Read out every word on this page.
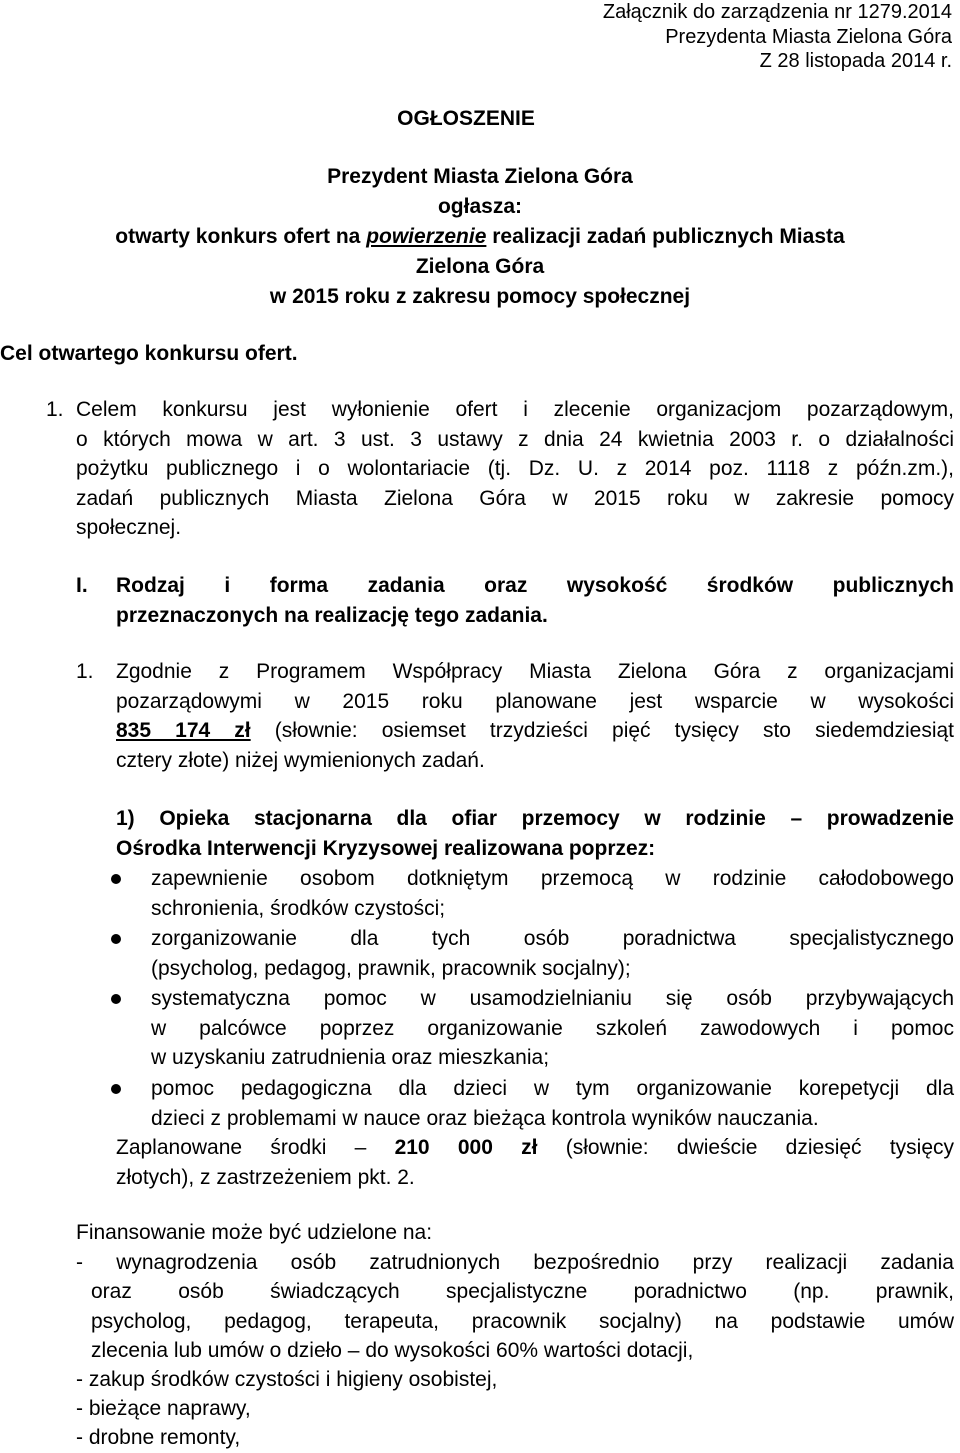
Załącznik do zarządzenia nr 1279.2014
Prezydenta Miasta Zielona Góra
Z 28 listopada 2014 r.
OGŁOSZENIE
Prezydent Miasta Zielona Góra
ogłasza:
otwarty konkurs ofert na powierzenie realizacji zadań publicznych Miasta
Zielona Góra
w 2015 roku z zakresu pomocy społecznej
Cel otwartego konkursu ofert.
1. Celem konkursu jest wyłonienie ofert i zlecenie organizacjom pozarządowym,
o których mowa w art. 3 ust. 3 ustawy z dnia 24 kwietnia 2003 r. o działalności
pożytku publicznego i o wolontariacie (tj. Dz. U. z 2014 poz. 1118 z późn.zm.),
zadań publicznych Miasta Zielona Góra w 2015 roku w zakresie pomocy
społecznej.
I. Rodzaj i forma zadania oraz wysokość środków publicznych
przeznaczonych na realizację tego zadania.
1. Zgodnie z Programem Współpracy Miasta Zielona Góra z organizacjami
pozarządowymi w 2015 roku planowane jest wsparcie w wysokości
835 174 zł (słownie: osiemset trzydzieści pięć tysięcy sto siedemdziesiąt
cztery złote) niżej wymienionych zadań.
1) Opieka stacjonarna dla ofiar przemocy w rodzinie – prowadzenie
Ośrodka Interwencji Kryzysowej realizowana poprzez:
zapewnienie osobom dotkniętym przemocą w rodzinie całodobowego
schronienia, środków czystości;
zorganizowanie dla tych osób poradnictwa specjalistycznego
(psycholog, pedagog, prawnik, pracownik socjalny);
systematyczna pomoc w usamodzielnianiu się osób przybywających
w palcówce poprzez organizowanie szkoleń zawodowych i pomoc
w uzyskaniu zatrudnienia oraz mieszkania;
pomoc pedagogiczna dla dzieci w tym organizowanie korepetycji dla
dzieci z problemami w nauce oraz bieżąca kontrola wyników nauczania.
Zaplanowane środki – 210 000 zł (słownie: dwieście dziesięć tysięcy
złotych), z zastrzeżeniem pkt. 2.
Finansowanie może być udzielone na:
- wynagrodzenia osób zatrudnionych bezpośrednio przy realizacji zadania
oraz osób świadczących specjalistyczne poradnictwo (np. prawnik,
psycholog, pedagog, terapeuta, pracownik socjalny) na podstawie umów
zlecenia lub umów o dzieło – do wysokości 60% wartości dotacji,
- zakup środków czystości i higieny osobistej,
- bieżące naprawy,
- drobne remonty,
